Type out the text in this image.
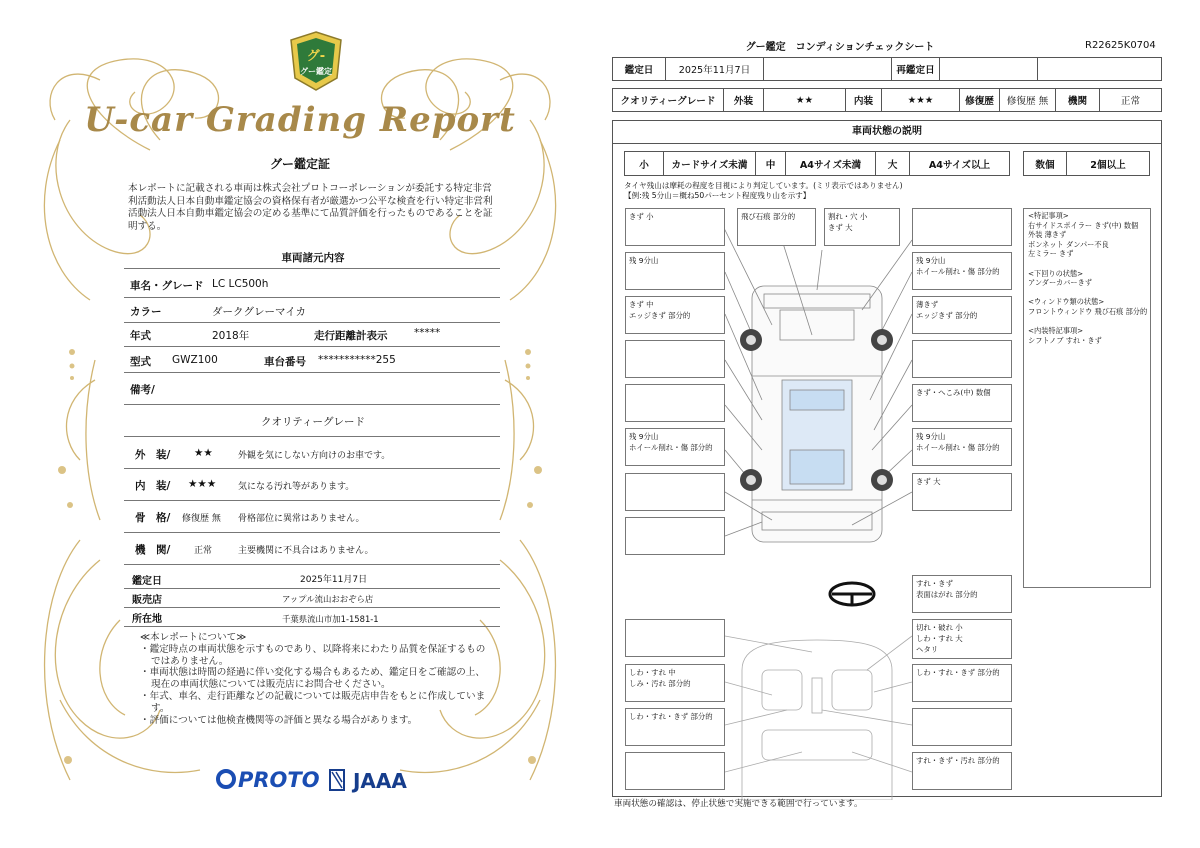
グ-
グー鑑定
U-car Grading Report
グー鑑定証
本レポートに記載される車両は株式会社プロトコーポレーションが委託する特定非営利活動法人日本自動車鑑定協会の資格保有者が厳選かつ公平な検査を行い特定非営利活動法人日本自動車鑑定協会の定める基準にて品質評価を行ったものであることを証明する。
車両諸元内容
車名・グレード LC LC500h
カラー	ダークグレーマイカ
年式	2018年	走行距離計表示	*****
型式 GWZ100	車台番号 ***********255
備考/
クオリティーグレード
外　装/ ★★	外観を気にしない方向けのお車です。
内　装/ ★★★ 気になる汚れ等があります。
骨　格/ 修復歴 無 骨格部位に異常はありません。
機　関/	正常	主要機関に不具合はありません。
鑑定日	2025年11月7日
販売店	アップル流山おおぞら店
所在地	千葉県流山市加1-1581-1
≪本レポートについて≫
・鑑定時点の車両状態を示すものであり、以降将来にわたり品質を保証するものではありません。
・車両状態は時間の経過に伴い変化する場合もあるため、鑑定日をご確認の上、現在の車両状態については販売店にお問合せください。
・年式、車名、走行距離などの記載については販売店申告をもとに作成しています。
・評価については他検査機関等の評価と異なる場合があります。
PROTO	JAAA
グー鑑定　コンディションチェックシート	R22625K0704
鑑定日	2025年11月7日	再鑑定日
クオリティーグレード	外装	★★	内装	★★★	修復歴	修復歴 無	機関	正常
車両状態の説明
小	カードサイズ未満	中	A4サイズ未満	大	A4サイズ以上	数個	2個以上
タイヤ残山は摩耗の程度を目視により判定しています。(ミリ表示ではありません)
【例:残 5分山＝概ね50パーセント程度残り山を示す】
きず 小	飛び石痕 部分的	割れ・穴 小
きず 大
残 9分山	残 9分山
ホイール削れ・傷 部分的
きず 中
エッジきず 部分的
薄きず
エッジきず 部分的
きず・へこみ(中) 数個
残 9分山
ホイール削れ・傷 部分的
残 9分山
ホイール削れ・傷 部分的
きず 大
すれ・きず
表面はがれ 部分的
切れ・破れ 小
しわ・すれ 大
ヘタリ
しわ・すれ 中
しみ・汚れ 部分的
しわ・すれ・きず 部分的
しわ・すれ・きず 部分的
すれ・きず・汚れ 部分的
<特記事項>
右サイドスポイラー きず(中) 数個
外装 薄きず
ボンネット ダンパー不良
左ミラー きず
<下回りの状態>
アンダーカバーきず
<ウィンドウ類の状態>
フロントウィンドウ 飛び石痕 部分的
<内装特記事項>
シフトノブ すれ・きず
車両状態の確認は、停止状態で実施できる範囲で行っています。
